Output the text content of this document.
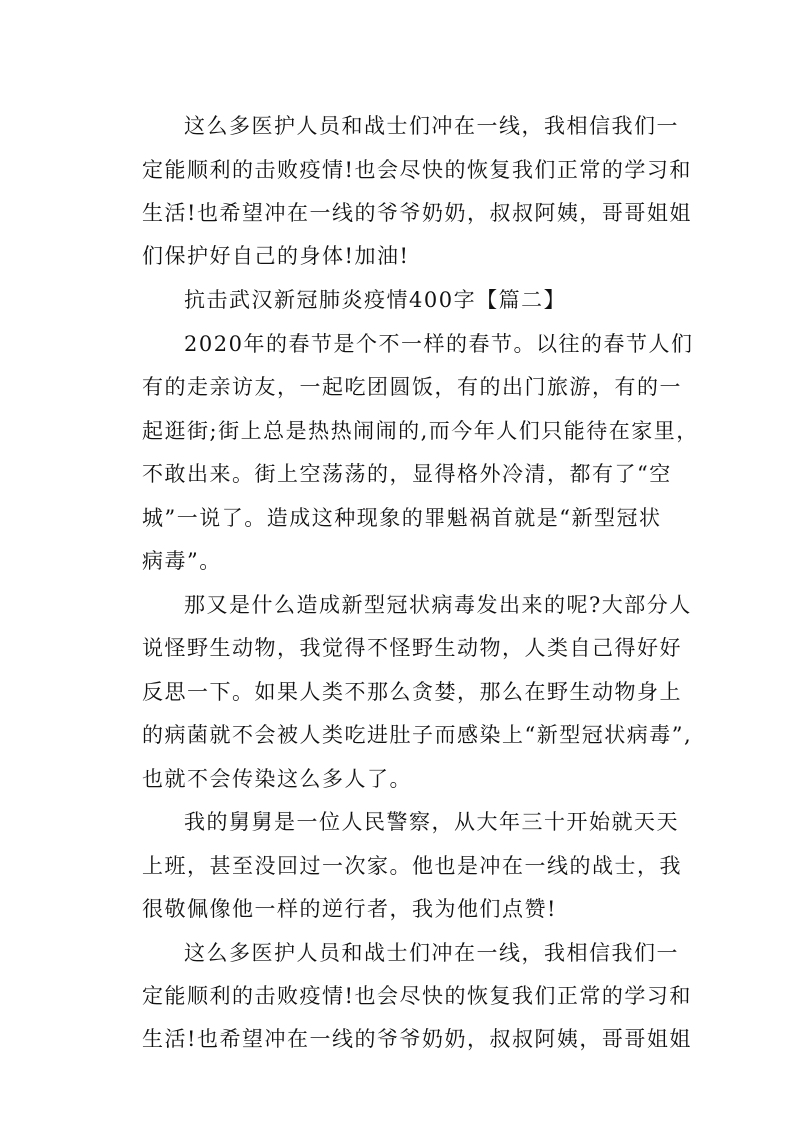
这么多医护人员和战士们冲在一线，我相信我们一
定能顺利的击败疫情!也会尽快的恢复我们正常的学习和
生活!也希望冲在一线的爷爷奶奶，叔叔阿姨，哥哥姐姐
们保护好自己的身体!加油!
抗击武汉新冠肺炎疫情400字【篇二】
2020年的春节是个不一样的春节。以往的春节人们
有的走亲访友，一起吃团圆饭，有的出门旅游，有的一
起逛街;街上总是热热闹闹的,而今年人们只能待在家里，
不敢出来。街上空荡荡的，显得格外冷清，都有了“空
城”一说了。造成这种现象的罪魁祸首就是“新型冠状
病毒”。
那又是什么造成新型冠状病毒发出来的呢?大部分人
说怪野生动物，我觉得不怪野生动物，人类自己得好好
反思一下。如果人类不那么贪婪，那么在野生动物身上
的病菌就不会被人类吃进肚子而感染上“新型冠状病毒”,
也就不会传染这么多人了。
我的舅舅是一位人民警察，从大年三十开始就天天
上班，甚至没回过一次家。他也是冲在一线的战士，我
很敬佩像他一样的逆行者，我为他们点赞!
这么多医护人员和战士们冲在一线，我相信我们一
定能顺利的击败疫情!也会尽快的恢复我们正常的学习和
生活!也希望冲在一线的爷爷奶奶，叔叔阿姨，哥哥姐姐
